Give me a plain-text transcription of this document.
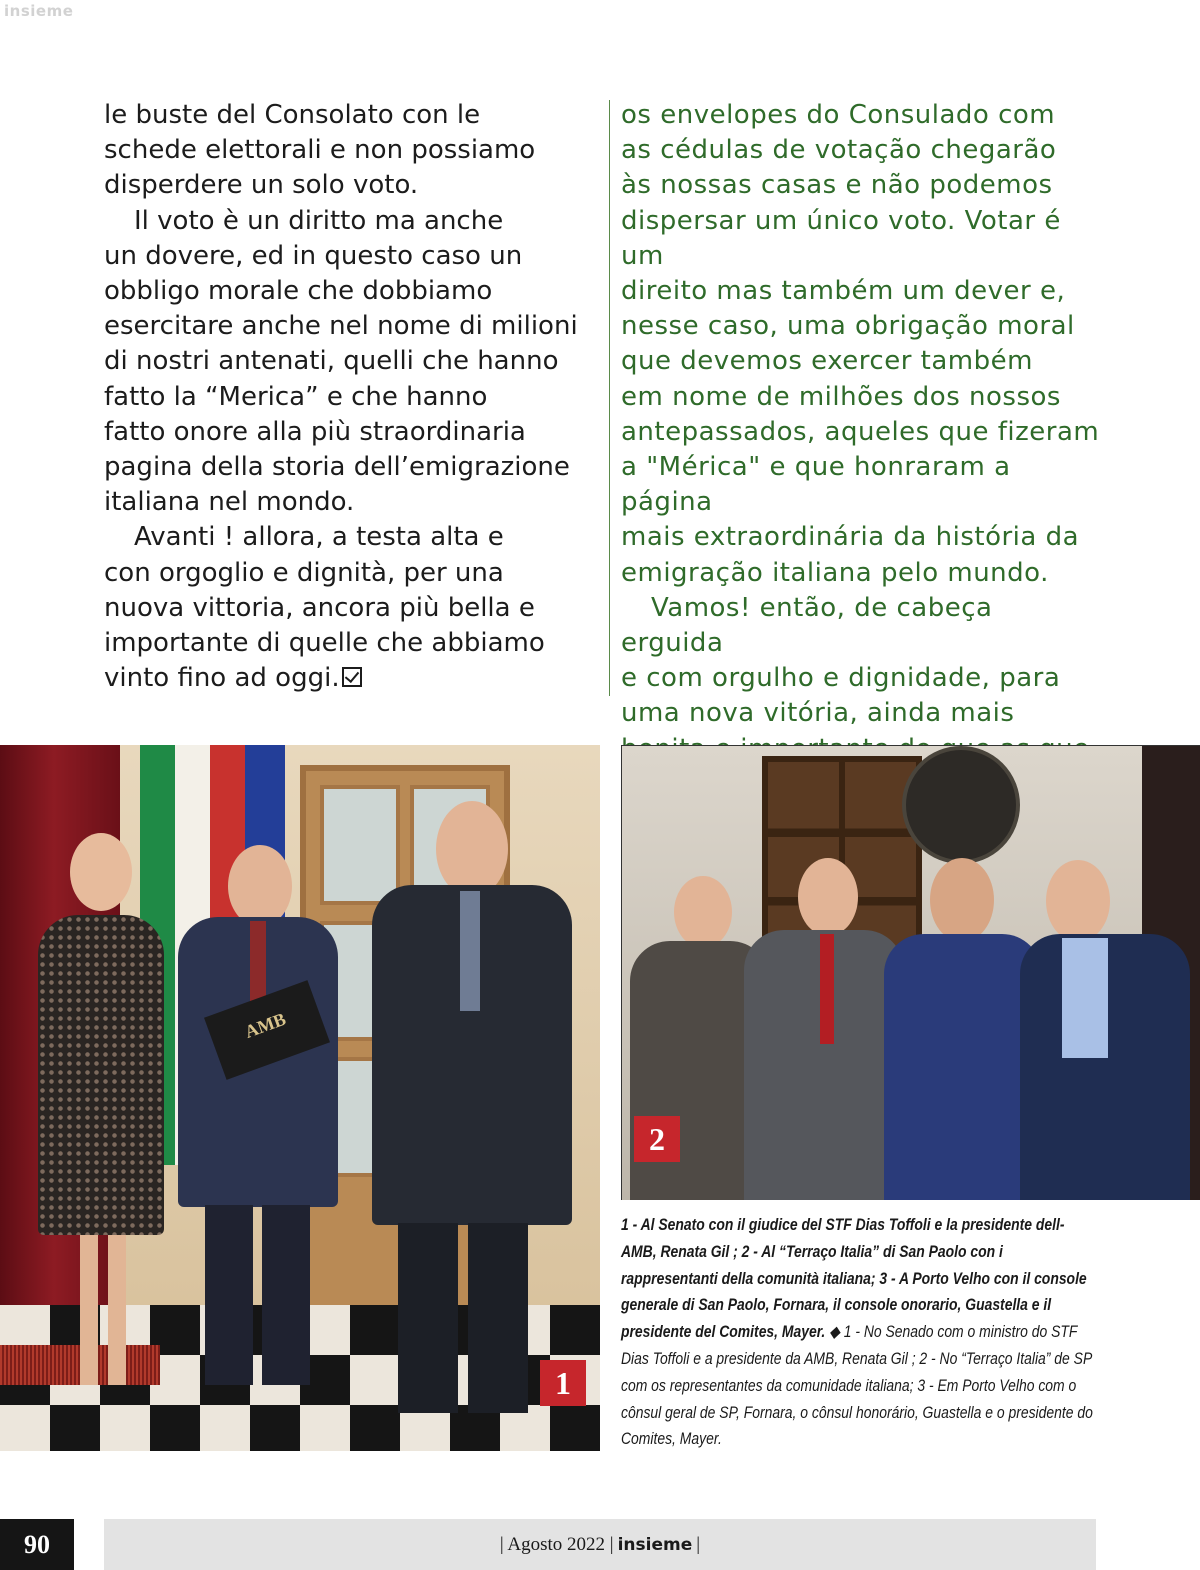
insieme

le buste del Consolato con le
schede elettorali e non possiamo
disperdere un solo voto.

Il voto è un diritto ma anche
un dovere, ed in questo caso un
obbligo morale che dobbiamo
esercitare anche nel nome di milioni
di nostri antenati, quelli che hanno
fatto la “Merica” e che hanno
fatto onore alla più straordinaria
pagina della storia dell’emigrazione
italiana nel mondo.

Avanti ! allora, a testa alta e
con orgoglio e dignità, per una
nuova vittoria, ancora più bella e
importante di quelle che abbiamo
vinto fino ad oggi.

os envelopes do Consulado com
as cédulas de votação chegarão
às nossas casas e não podemos
dispersar um único voto. Votar é um
direito mas também um dever e,
nesse caso, uma obrigação moral
que devemos exercer também
em nome de milhões dos nossos
antepassados, aqueles que fizeram
a "Mérica" e que honraram a página
mais extraordinária da história da
emigração italiana pelo mundo.

Vamos! então, de cabeça erguida
e com orgulho e dignidade, para
uma nova vitória, ainda mais

AMB
1
2
1 - Al Senato con il giudice del STF Dias Toffoli e la presidente dell-AMB, Renata Gil ; 2 - Al “Terraço Italia” di San Paolo con i rappresentanti della comunità italiana; 3 - A Porto Velho con il console generale di San Paolo, Fornara, il console onorario, Guastella e il presidente del Comites, Mayer. ◆ 1 - No Senado com o ministro do STF Dias Toffoli e a presidente da AMB, Renata Gil ; 2 - No “Terraço Italia” de SP com os representantes da comunidade italiana; 3 - Em Porto Velho com o cônsul geral de SP, Fornara, o cônsul honorário, Guastella e o presidente do Comites, Mayer.
90	| Agosto 2022 | insieme |
